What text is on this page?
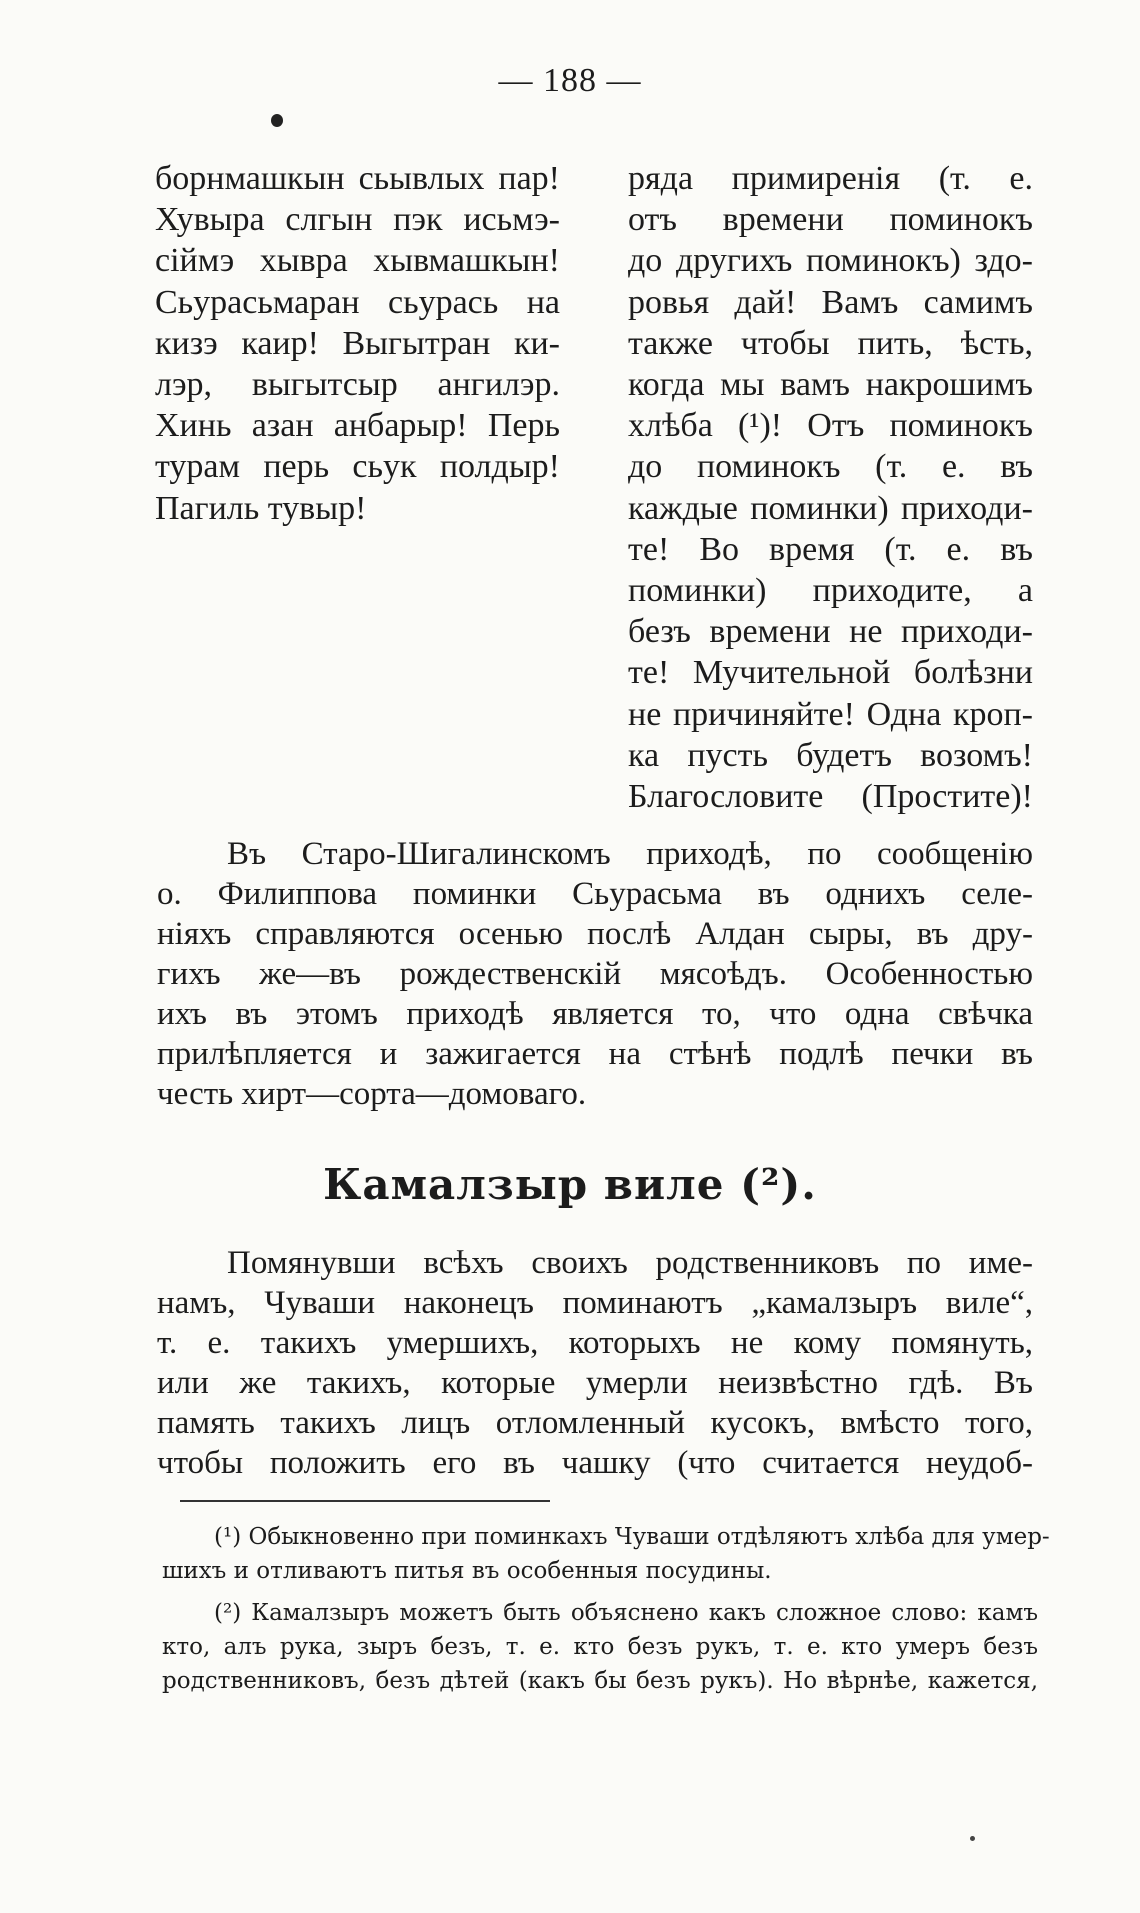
— 188 —
борнмашкын сьывлых пар!
Хувыра слгын пэк исьмэ-
сіймэ хывра хывмашкын!
Сьурасьмаран сьурась на
кизэ каир! Выгытран ки-
лэр, выгытсыр ангилэр.
Хинь азан анбарыр! Перь
турам перь сьук полдыр!
Пагиль тувыр!
ряда примиренія (т. е.
отъ времени поминокъ
до другихъ поминокъ) здо-
ровья дай! Вамъ самимъ
также чтобы пить, ѣсть,
когда мы вамъ накрошимъ
хлѣба (¹)! Отъ поминокъ
до поминокъ (т. е. въ
каждые поминки) приходи-
те! Во время (т. е. въ
поминки) приходите, а
безъ времени не приходи-
те! Мучительной болѣзни
не причиняйте! Одна кроп-
ка пусть будетъ возомъ!
Благословите (Простите)!
Въ Старо-Шигалинскомъ приходѣ, по сообщенію
о. Филиппова поминки Сьурасьма въ однихъ селе-
ніяхъ справляются осенью послѣ Алдан сыры, въ дру-
гихъ же—въ рождественскій мясоѣдъ. Особенностью
ихъ въ этомъ приходѣ является то, что одна свѣчка
прилѣпляется и зажигается на стѣнѣ подлѣ печки въ
честь хирт—сорта—домоваго.
Камалзыр виле (²).
Помянувши всѣхъ своихъ родственниковъ по име-
намъ, Чуваши наконецъ поминаютъ „камалзыръ виле“,
т. е. такихъ умершихъ, которыхъ не кому помянуть,
или же такихъ, которые умерли неизвѣстно гдѣ. Въ
память такихъ лицъ отломленный кусокъ, вмѣсто того,
чтобы положить его въ чашку (что считается неудоб-
(¹) Обыкновенно при поминкахъ Чуваши отдѣляютъ хлѣба для умер-
шихъ и отливаютъ питья въ особенныя посудины.
(²) Камалзыръ можетъ быть объяснено какъ сложное слово: камъ
кто, алъ рука, зыръ безъ, т. е. кто безъ рукъ, т. е. кто умеръ безъ
родственниковъ, безъ дѣтей (какъ бы безъ рукъ). Но вѣрнѣе, кажется,
